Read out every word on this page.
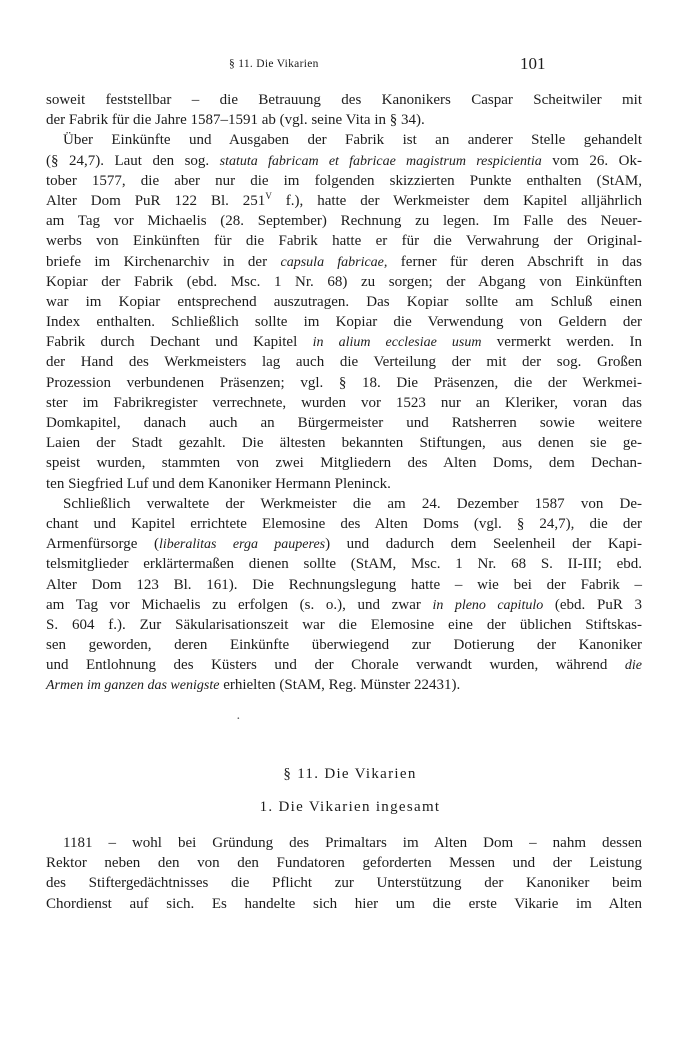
§ 11. Die Vikarien	101
soweit feststellbar – die Betrauung des Kanonikers Caspar Scheitwiler mit
der Fabrik für die Jahre 1587–1591 ab (vgl. seine Vita in § 34).
Über Einkünfte und Ausgaben der Fabrik ist an anderer Stelle gehandelt
(§ 24,7). Laut den sog. statuta fabricam et fabricae magistrum respicientia vom 26. Ok-
tober 1577, die aber nur die im folgenden skizzierten Punkte enthalten (StAM,
Alter Dom PuR 122 Bl. $251^V$ f.), hatte der Werkmeister dem Kapitel alljährlich
am Tag vor Michaelis (28. September) Rechnung zu legen. Im Falle des Neuer-
werbs von Einkünften für die Fabrik hatte er für die Verwahrung der Original-
briefe im Kirchenarchiv in der capsula fabricae, ferner für deren Abschrift in das
Kopiar der Fabrik (ebd. Msc. 1 Nr. 68) zu sorgen; der Abgang von Einkünften
war im Kopiar entsprechend auszutragen. Das Kopiar sollte am Schluß einen
Index enthalten. Schließlich sollte im Kopiar die Verwendung von Geldern der
Fabrik durch Dechant und Kapitel in alium ecclesiae usum vermerkt werden. In
der Hand des Werkmeisters lag auch die Verteilung der mit der sog. Großen
Prozession verbundenen Präsenzen; vgl. § 18. Die Präsenzen, die der Werkmei-
ster im Fabrikregister verrechnete, wurden vor 1523 nur an Kleriker, voran das
Domkapitel, danach auch an Bürgermeister und Ratsherren sowie weitere
Laien der Stadt gezahlt. Die ältesten bekannten Stiftungen, aus denen sie ge-
speist wurden, stammten von zwei Mitgliedern des Alten Doms, dem Dechan-
ten Siegfried Luf und dem Kanoniker Hermann Pleninck.
Schließlich verwaltete der Werkmeister die am 24. Dezember 1587 von De-
chant und Kapitel errichtete Elemosine des Alten Doms (vgl. § 24,7), die der
Armenfürsorge (liberalitas erga pauperes) und dadurch dem Seelenheil der Kapi-
telsmitglieder erklärtermaßen dienen sollte (StAM, Msc. 1 Nr. 68 S. II-III; ebd.
Alter Dom 123 Bl. 161). Die Rechnungslegung hatte – wie bei der Fabrik –
am Tag vor Michaelis zu erfolgen (s. o.), und zwar in pleno capitulo (ebd. PuR 3
S. 604 f.). Zur Säkularisationszeit war die Elemosine eine der üblichen Stiftskas-
sen geworden, deren Einkünfte überwiegend zur Dotierung der Kanoniker
und Entlohnung des Küsters und der Chorale verwandt wurden, während die
Armen im ganzen das wenigste erhielten (StAM, Reg. Münster 22431).
·
§ 11. Die Vikarien
1. Die Vikarien ingesamt
1181 – wohl bei Gründung des Primaltars im Alten Dom – nahm dessen
Rektor neben den von den Fundatoren geforderten Messen und der Leistung
des Stiftergedächtnisses die Pflicht zur Unterstützung der Kanoniker beim
Chordienst auf sich. Es handelte sich hier um die erste Vikarie im Alten
